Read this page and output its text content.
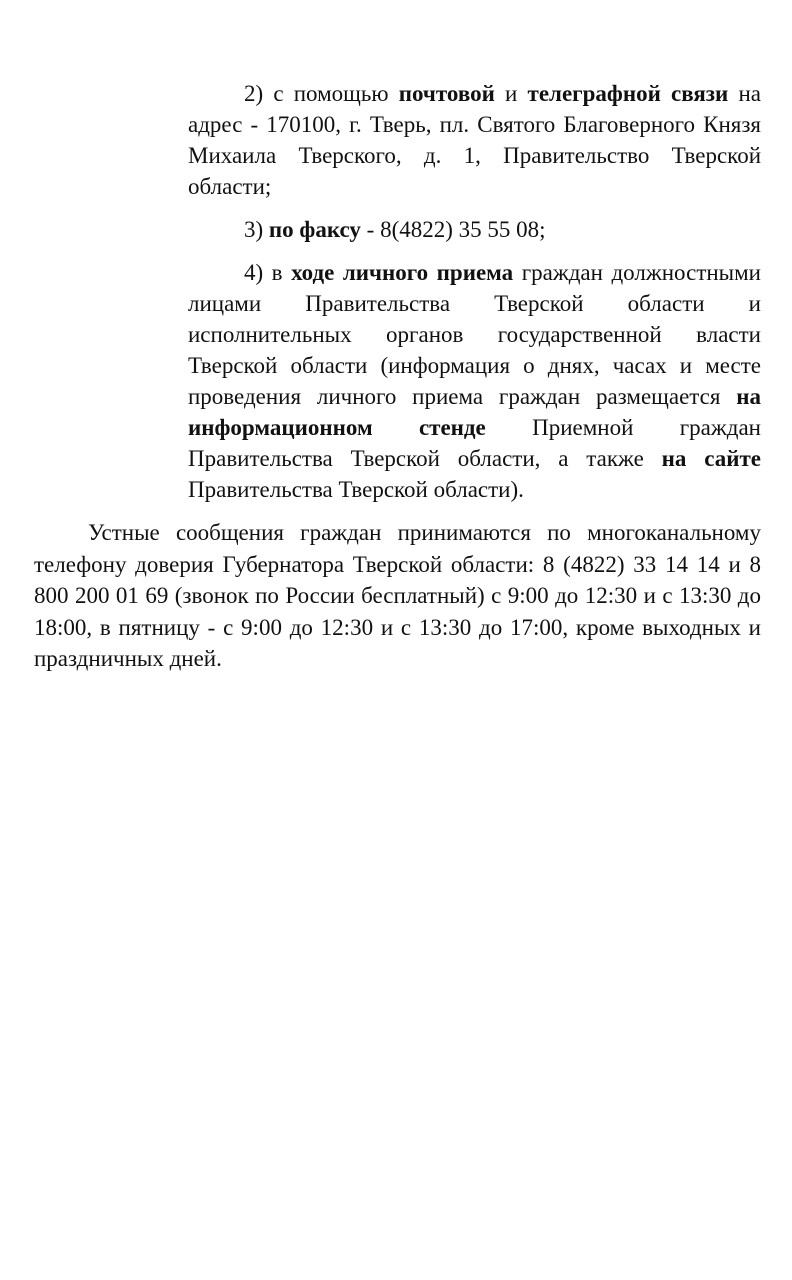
2) с помощью почтовой и телеграфной связи на адрес - 170100, г. Тверь, пл. Святого Благоверного Князя Михаила Тверского, д. 1, Правительство Тверской области;

3) по факсу - 8(4822) 35 55 08;

4) в ходе личного приема граждан должностными лицами Правительства Тверской области и исполнительных органов государственной власти Тверской области (информация о днях, часах и месте проведения личного приема граждан размещается на информационном стенде Приемной граждан Правительства Тверской области, а также на сайте Правительства Тверской области).

Устные сообщения граждан принимаются по многоканальному телефону доверия Губернатора Тверской области: 8 (4822) 33 14 14 и 8 800 200 01 69 (звонок по России бесплатный) с 9:00 до 12:30 и с 13:30 до 18:00, в пятницу - с 9:00 до 12:30 и с 13:30 до 17:00, кроме выходных и праздничных дней.
